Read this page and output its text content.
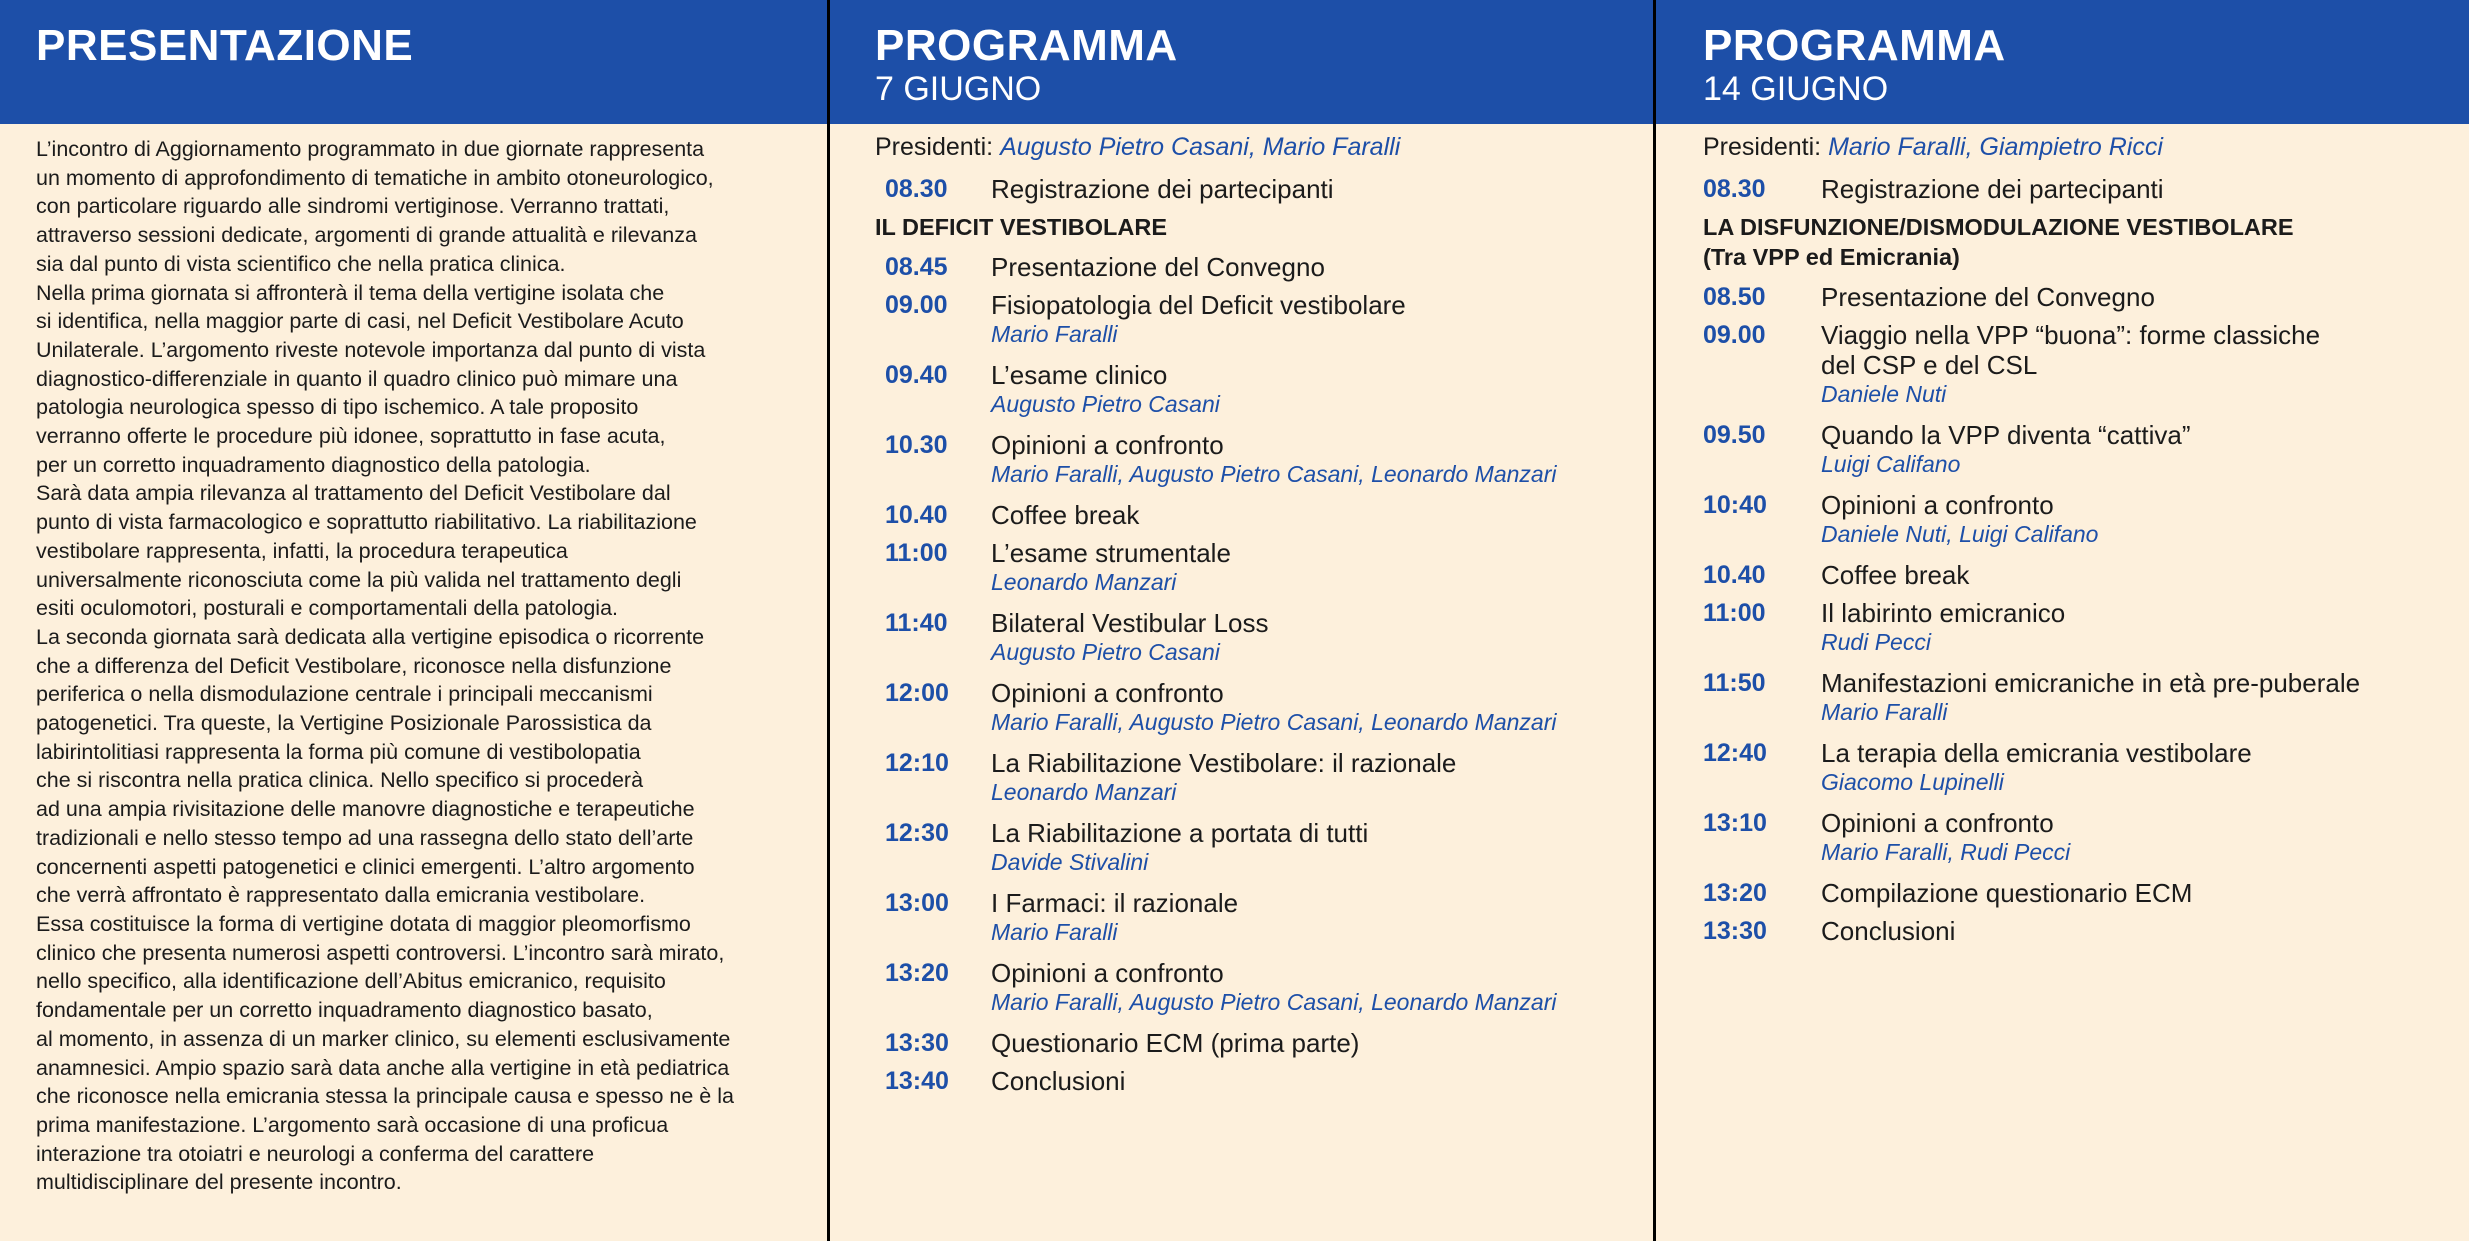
PRESENTAZIONE

L’incontro di Aggiornamento programmato in due giornate rappresenta

un momento di approfondimento di tematiche in ambito otoneurologico,

con particolare riguardo alle sindromi vertiginose. Verranno trattati,

attraverso sessioni dedicate, argomenti di grande attualità e rilevanza

sia dal punto di vista scientifico che nella pratica clinica.

Nella prima giornata si affronterà il tema della vertigine isolata che

si identifica, nella maggior parte di casi, nel Deficit Vestibolare Acuto

Unilaterale. L’argomento riveste notevole importanza dal punto di vista

diagnostico-differenziale in quanto il quadro clinico può mimare una

patologia neurologica spesso di tipo ischemico. A tale proposito

verranno offerte le procedure più idonee, soprattutto in fase acuta,

per un corretto inquadramento diagnostico della patologia.

Sarà data ampia rilevanza al trattamento del Deficit Vestibolare dal

punto di vista farmacologico e soprattutto riabilitativo. La riabilitazione

vestibolare rappresenta, infatti, la procedura terapeutica

universalmente riconosciuta come la più valida nel trattamento degli

esiti oculomotori, posturali e comportamentali della patologia.

La seconda giornata sarà dedicata alla vertigine episodica o ricorrente

che a differenza del Deficit Vestibolare, riconosce nella disfunzione

periferica o nella dismodulazione centrale i principali meccanismi

patogenetici. Tra queste, la Vertigine Posizionale Parossistica da

labirintolitiasi rappresenta la forma più comune di vestibolopatia

che si riscontra nella pratica clinica. Nello specifico si procederà

ad una ampia rivisitazione delle manovre diagnostiche e terapeutiche

tradizionali e nello stesso tempo ad una rassegna dello stato dell’arte

concernenti aspetti patogenetici e clinici emergenti. L’altro argomento

che verrà affrontato è rappresentato dalla emicrania vestibolare.

Essa costituisce la forma di vertigine dotata di maggior pleomorfismo

clinico che presenta numerosi aspetti controversi. L’incontro sarà mirato,

nello specifico, alla identificazione dell’Abitus emicranico, requisito

fondamentale per un corretto inquadramento diagnostico basato,

al momento, in assenza di un marker clinico, su elementi esclusivamente

anamnesici. Ampio spazio sarà data anche alla vertigine in età pediatrica

che riconosce nella emicrania stessa la principale causa e spesso ne è la

prima manifestazione. L’argomento sarà occasione di una proficua

interazione tra otoiatri e neurologi a conferma del carattere

multidisciplinare del presente incontro.

PROGRAMMA
7 GIUGNO
Presidenti: Augusto Pietro Casani, Mario Faralli
08.30	Registrazione dei partecipanti
IL DEFICIT VESTIBOLARE
08.45	Presentazione del Convegno
09.00	Fisiopatologia del Deficit vestibolare
Mario Faralli
09.40	L’esame clinico
Augusto Pietro Casani
10.30	Opinioni a confronto
Mario Faralli, Augusto Pietro Casani, Leonardo Manzari
10.40	Coffee break
11:00	L’esame strumentale
Leonardo Manzari
11:40	Bilateral Vestibular Loss
Augusto Pietro Casani
12:00	Opinioni a confronto
Mario Faralli, Augusto Pietro Casani, Leonardo Manzari
12:10	La Riabilitazione Vestibolare: il razionale
Leonardo Manzari
12:30	La Riabilitazione a portata di tutti
Davide Stivalini
13:00	I Farmaci: il razionale
Mario Faralli
13:20	Opinioni a confronto
Mario Faralli, Augusto Pietro Casani, Leonardo Manzari
13:30	Questionario ECM (prima parte)
13:40	Conclusioni
PROGRAMMA
14 GIUGNO
Presidenti: Mario Faralli, Giampietro Ricci
08.30	Registrazione dei partecipanti
LA DISFUNZIONE/DISMODULAZIONE VESTIBOLARE
(Tra VPP ed Emicrania)
08.50	Presentazione del Convegno
09.00	Viaggio nella VPP “buona”: forme classiche
del CSP e del CSL
Daniele Nuti
09.50	Quando la VPP diventa “cattiva”
Luigi Califano
10:40	Opinioni a confronto
Daniele Nuti, Luigi Califano
10.40	Coffee break
11:00	Il labirinto emicranico
Rudi Pecci
11:50	Manifestazioni emicraniche in età pre-puberale
Mario Faralli
12:40	La terapia della emicrania vestibolare
Giacomo Lupinelli
13:10	Opinioni a confronto
Mario Faralli, Rudi Pecci
13:20	Compilazione questionario ECM
13:30	Conclusioni
